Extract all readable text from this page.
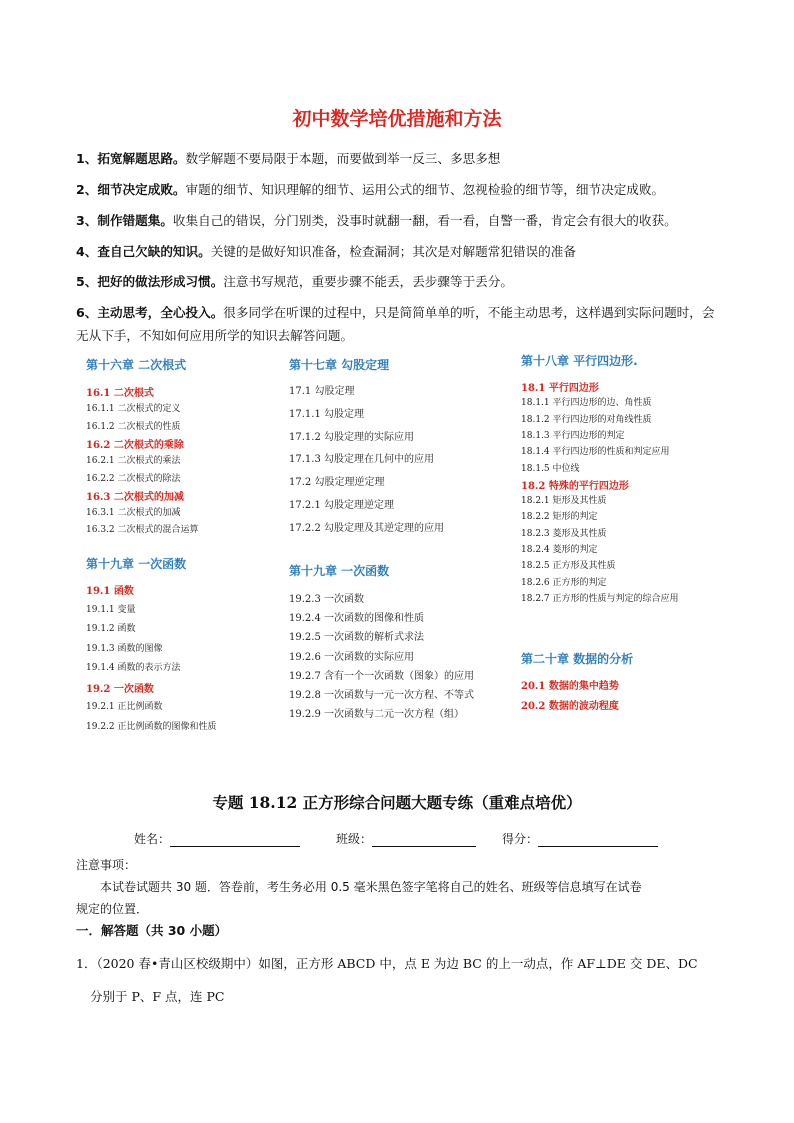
初中数学培优措施和方法
1、拓宽解题思路。数学解题不要局限于本题，而要做到举一反三、多思多想
2、细节决定成败。审题的细节、知识理解的细节、运用公式的细节、忽视检验的细节等，细节决定成败。
3、制作错题集。收集自己的错误，分门别类，没事时就翻一翻，看一看，自警一番，肯定会有很大的收获。
4、查自己欠缺的知识。关键的是做好知识准备，检查漏洞；其次是对解题常犯错误的准备
5、把好的做法形成习惯。注意书写规范，重要步骤不能丢，丢步骤等于丢分。
6、主动思考，全心投入。很多同学在听课的过程中，只是简简单单的听，不能主动思考，这样遇到实际问题时，会无从下手，不知如何应用所学的知识去解答问题。
第十六章 二次根式
16.1 二次根式
16.1.1 二次根式的定义
16.1.2 二次根式的性质
16.2 二次根式的乘除
16.2.1 二次根式的乘法
16.2.2 二次根式的除法
16.3 二次根式的加减
16.3.1 二次根式的加减
16.3.2 二次根式的混合运算
第十九章 一次函数
19.1 函数
19.1.1 变量
19.1.2 函数
19.1.3 函数的图像
19.1.4 函数的表示方法
19.2 一次函数
19.2.1 正比例函数
19.2.2 正比例函数的图像和性质
第十七章 勾股定理
17.1 勾股定理
17.1.1 勾股定理
17.1.2 勾股定理的实际应用
17.1.3 勾股定理在几何中的应用
17.2 勾股定理逆定理
17.2.1 勾股定理逆定理
17.2.2 勾股定理及其逆定理的应用
第十九章 一次函数
19.2.3 一次函数
19.2.4 一次函数的图像和性质
19.2.5 一次函数的解析式求法
19.2.6 一次函数的实际应用
19.2.7 含有一个一次函数（图象）的应用
19.2.8 一次函数与一元一次方程、不等式
19.2.9 一次函数与二元一次方程（组）
第十八章 平行四边形.
18.1 平行四边形
18.1.1 平行四边形的边、角性质
18.1.2 平行四边形的对角线性质
18.1.3 平行四边形的判定
18.1.4 平行四边形的性质和判定应用
18.1.5 中位线
18.2 特殊的平行四边形
18.2.1 矩形及其性质
18.2.2 矩形的判定
18.2.3 菱形及其性质
18.2.4 菱形的判定
18.2.5 正方形及其性质
18.2.6 正方形的判定
18.2.7 正方形的性质与判定的综合应用
第二十章 数据的分析
20.1 数据的集中趋势
20.2 数据的波动程度
专题 18.12 正方形综合问题大题专练（重难点培优）
姓名：	班级：	得分：
注意事项：
本试卷试题共 30 题．答卷前，考生务必用 0.5 毫米黑色签字笔将自己的姓名、班级等信息填写在试卷
规定的位置．
一．解答题（共 30 小题）
1．（2020 春•青山区校级期中）如图，正方形 ABCD 中，点 E 为边 BC 的上一动点，作 AF⊥DE 交 DE、DC
分别于 P、F 点，连 PC
